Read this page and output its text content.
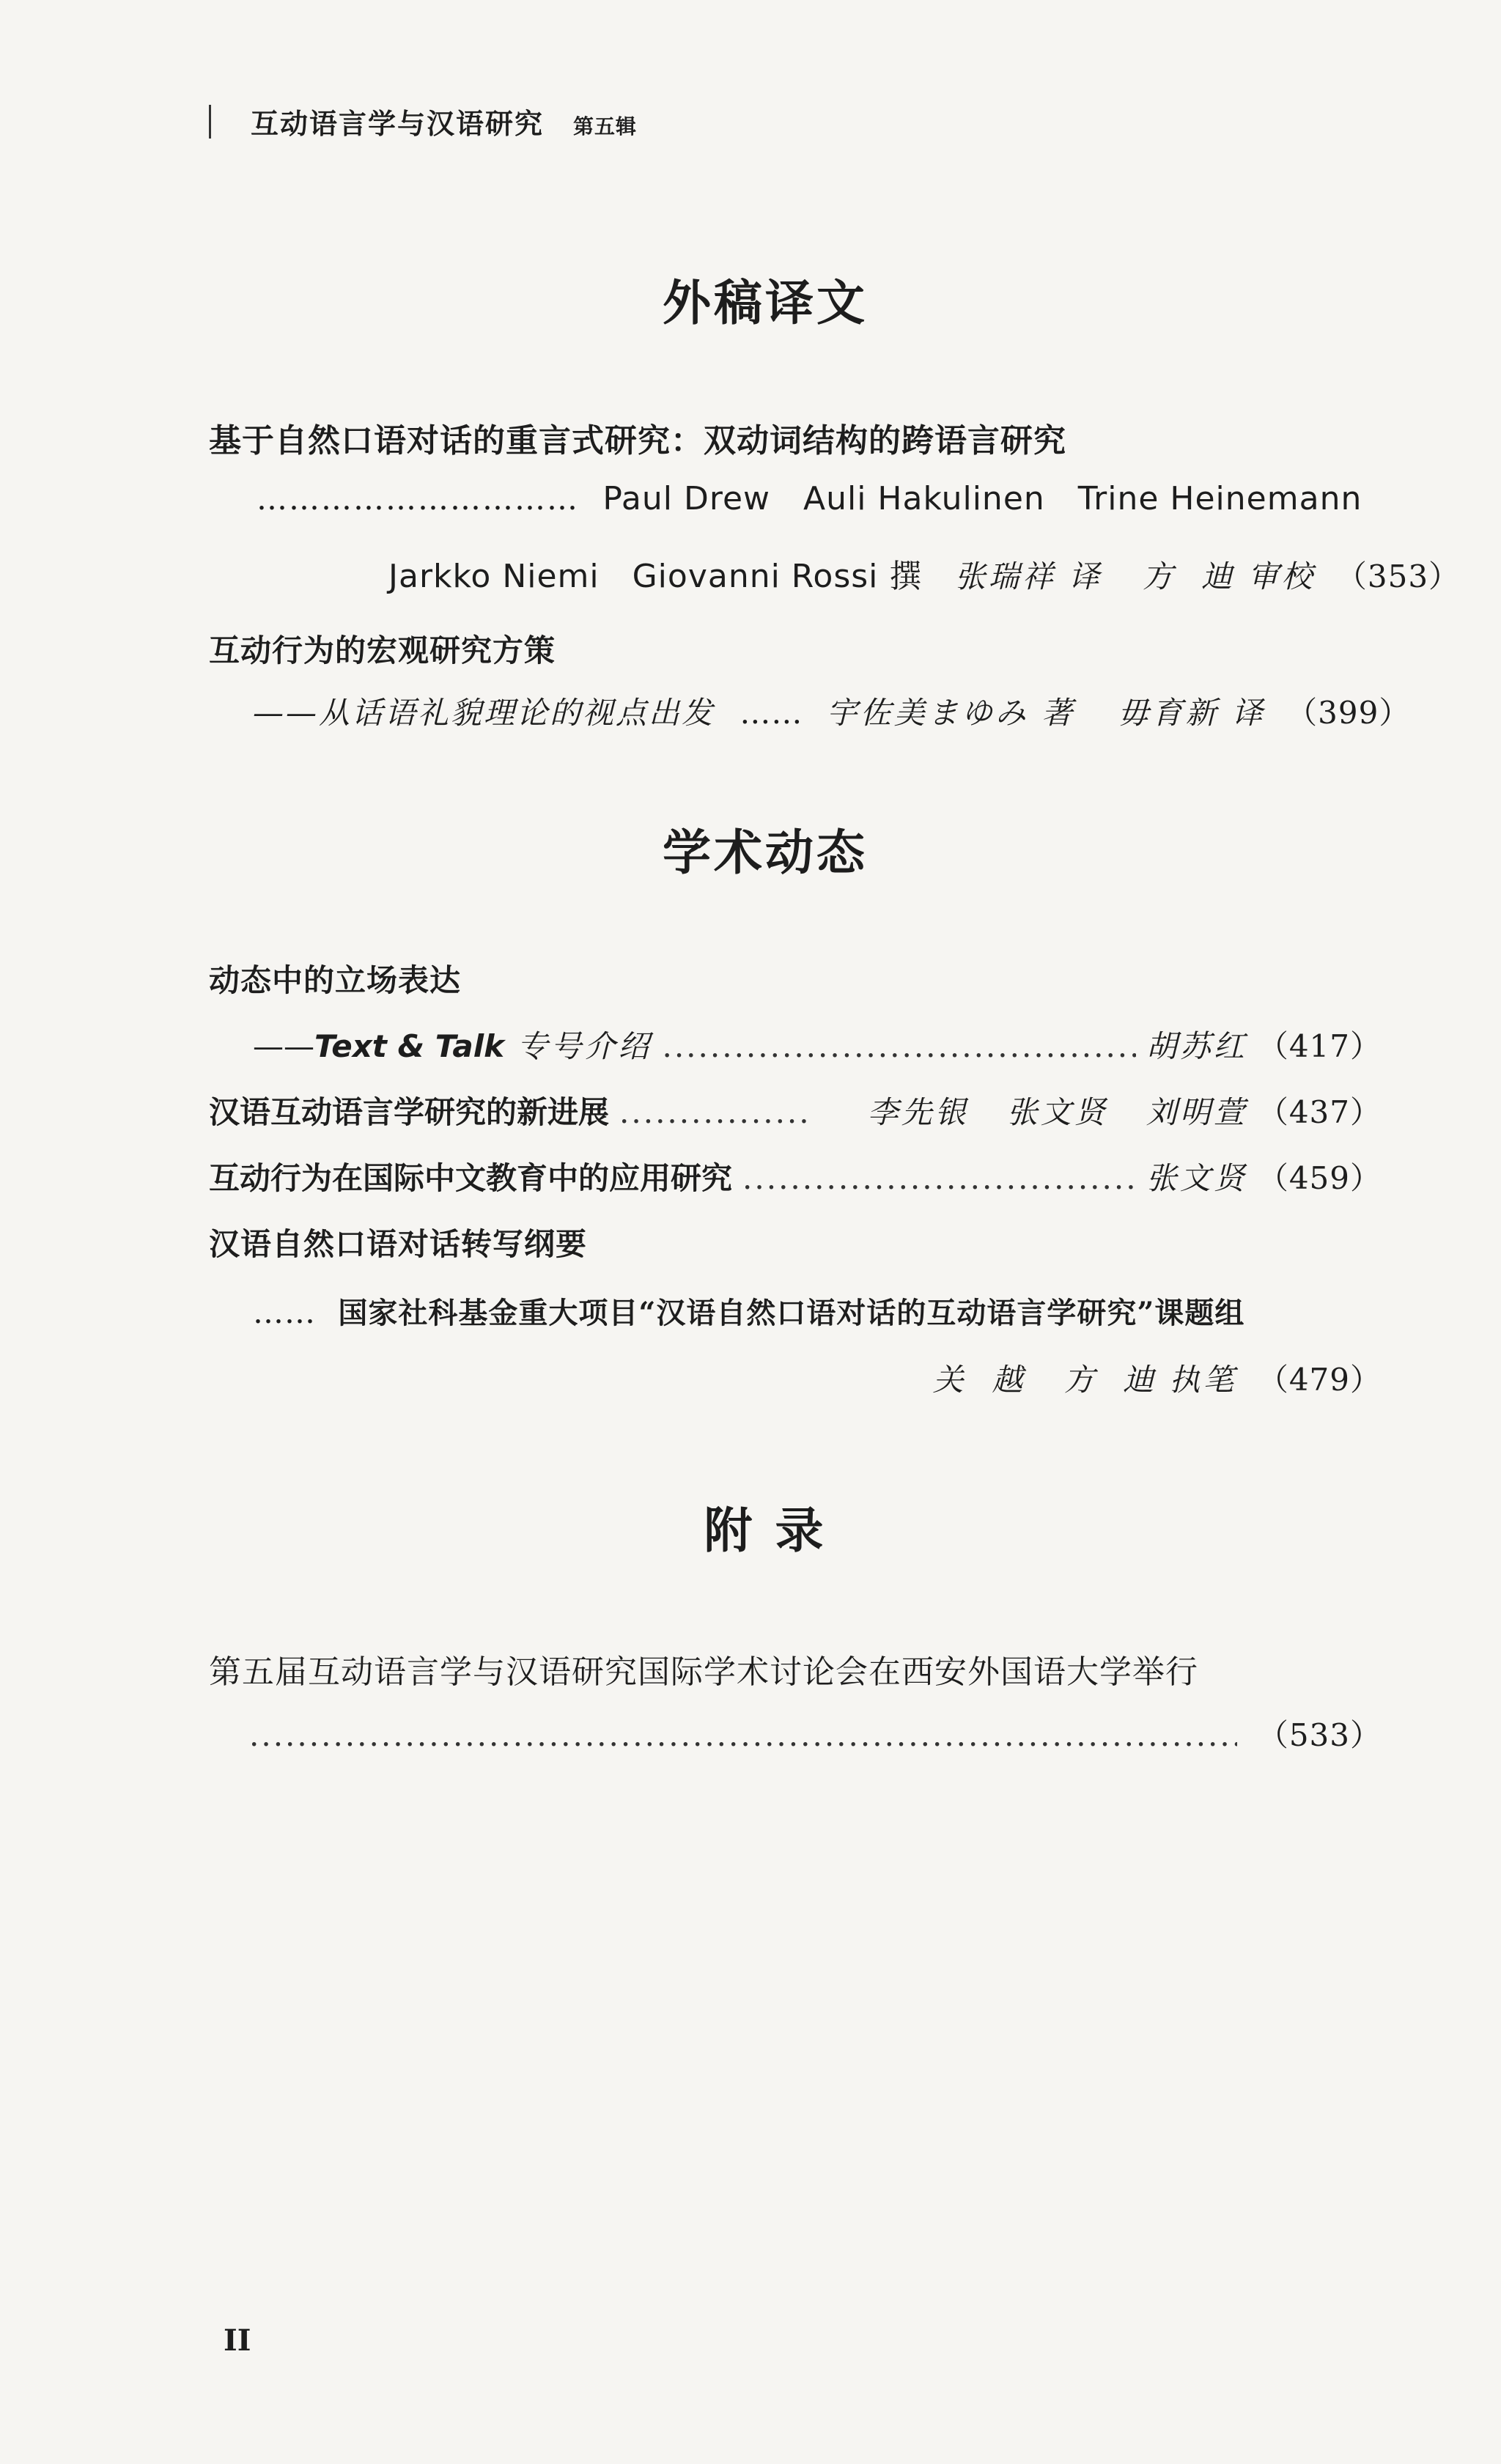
互动语言学与汉语研究 第五辑
外稿译文
基于自然口语对话的重言式研究：双动词结构的跨语言研究
………………………… Paul Drew   Auli Hakulinen   Trine Heinemann
Jarkko Niemi   Giovanni Rossi 撰 张瑞祥 译 方  迪 审校 （353）
互动行为的宏观研究方策
——从话语礼貌理论的视点出发 …… 宇佐美まゆみ 著 毋育新 译 （399）
学术动态
动态中的立场表达
——Text & Talk 专号介绍 .....	胡苏红 （417）
汉语互动语言学研究的新进展 .....	李先银   张文贤   刘明萱 （437）
互动行为在国际中文教育中的应用研究 .....	张文贤 （459）
汉语自然口语对话转写纲要
…… 国家社科基金重大项目“汉语自然口语对话的互动语言学研究”课题组
关  越   方  迪 执笔 （479）
附 录
第五届互动语言学与汉语研究国际学术讨论会在西安外国语大学举行
.....
（533）
II
